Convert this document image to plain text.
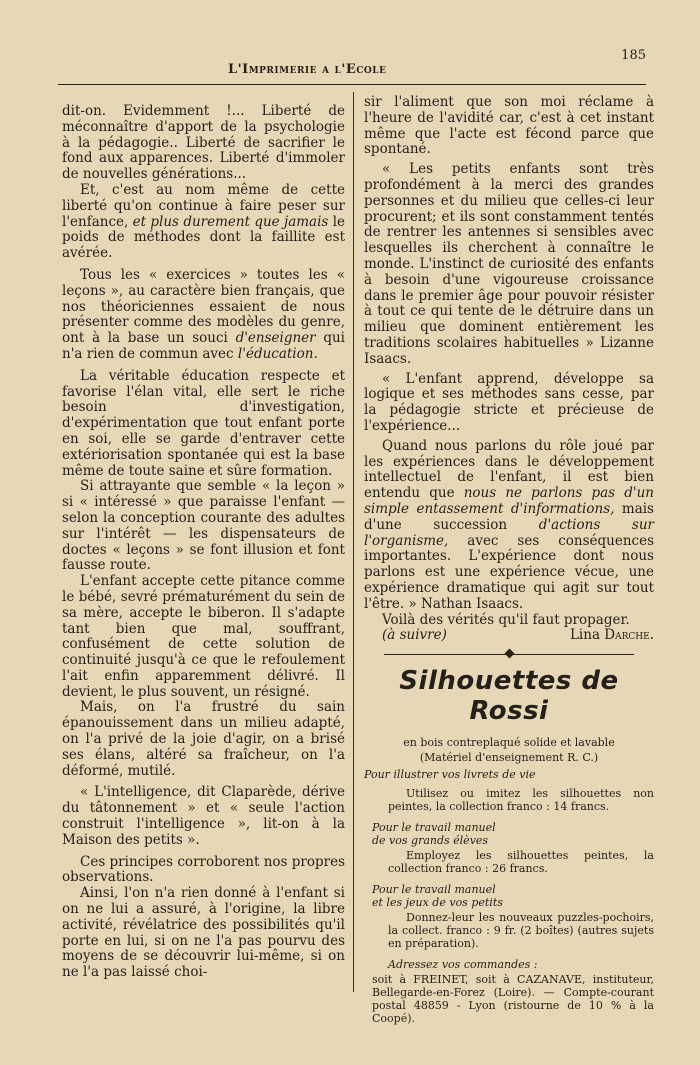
L'Imprimerie a l'Ecole
185

dit-on. Evidemment !... Liberté de méconnaître d'apport de la psychologie à la pédagogie.. Liberté de sacrifier le fond aux apparences. Liberté d'immoler de nouvelles générations...

Et, c'est au nom même de cette liberté qu'on continue à faire peser sur l'enfance, et plus durement que jamais le poids de méthodes dont la faillite est avérée.

Tous les « exercices » toutes les « leçons », au caractère bien français, que nos théoriciennes essaient de nous présenter comme des modèles du genre, ont à la base un souci d'enseigner qui n'a rien de commun avec l'éducation.

La véritable éducation respecte et favorise l'élan vital, elle sert le riche besoin d'investigation, d'expérimentation que tout enfant porte en soi, elle se garde d'entraver cette extériorisation spontanée qui est la base même de toute saine et sûre formation.

Si attrayante que semble « la leçon » si « intéressé » que paraisse l'enfant — selon la conception courante des adultes sur l'intérêt — les dispensateurs de doctes « leçons » se font illusion et font fausse route.

L'enfant accepte cette pitance comme le bébé, sevré prématurément du sein de sa mère, accepte le biberon. Il s'adapte tant bien que mal, souffrant, confusément de cette solution de continuité jusqu'à ce que le refoulement l'ait enfin apparemment délivré. Il devient, le plus souvent, un résigné.

Mais, on l'a frustré du sain épanouissement dans un milieu adapté, on l'a privé de la joie d'agir, on a brisé ses élans, altéré sa fraîcheur, on l'a déformé, mutilé.

« L'intelligence, dit Claparède, dérive du tâtonnement » et « seule l'action construit l'intelligence », lit-on à la Maison des petits ».

Ces principes corroborent nos propres observations.

Ainsi, l'on n'a rien donné à l'enfant si on ne lui a assuré, à l'origine, la libre activité, révélatrice des possibilités qu'il porte en lui, si on ne l'a pas pourvu des moyens de se découvrir lui-même, si on ne l'a pas laissé choi-

sir l'aliment que son moi réclame à l'heure de l'avidité car, c'est à cet instant même que l'acte est fécond parce que spontané.

« Les petits enfants sont très profondément à la merci des grandes personnes et du milieu que celles-ci leur procurent; et ils sont constamment tentés de rentrer les antennes si sensibles avec lesquelles ils cherchent à connaître le monde. L'instinct de curiosité des enfants à besoin d'une vigoureuse croissance dans le premier âge pour pouvoir résister à tout ce qui tente de le détruire dans un milieu que dominent entièrement les traditions scolaires habituelles » Lizanne Isaacs.

« L'enfant apprend, développe sa logique et ses méthodes sans cesse, par la pédagogie stricte et précieuse de l'expérience...

Quand nous parlons du rôle joué par les expériences dans le développement intellectuel de l'enfant, il est bien entendu que nous ne parlons pas d'un simple entassement d'informations, mais d'une succession d'actions sur l'organisme, avec ses conséquences importantes. L'expérience dont nous parlons est une expérience vécue, une expérience dramatique qui agit sur tout l'être. » Nathan Isaacs.

Voilà des vérités qu'il faut propager.

(à suivre)	Lina Darche.

Silhouettes de Rossi

en bois contreplaqué solide et lavable

(Matériel d'enseignement R. C.)

Pour illustrer vos livrets de vie

Utilisez ou imitez les silhouettes non peintes, la collection franco : 14 francs.

Pour le travail manuel

de vos grands élèves

Employez les silhouettes peintes, la collection franco : 26 francs.

Pour le travail manuel

et les jeux de vos petits

Donnez-leur les nouveaux puzzles-pochoirs, la collect. franco : 9 fr. (2 boîtes) (autres sujets en préparation).

Adressez vos commandes :

soit à FREINET, soit à CAZANAVE, instituteur, Bellegarde-en-Forez (Loire). — Compte-courant postal 48859 - Lyon (ristourne de 10 % à la Coopé).
